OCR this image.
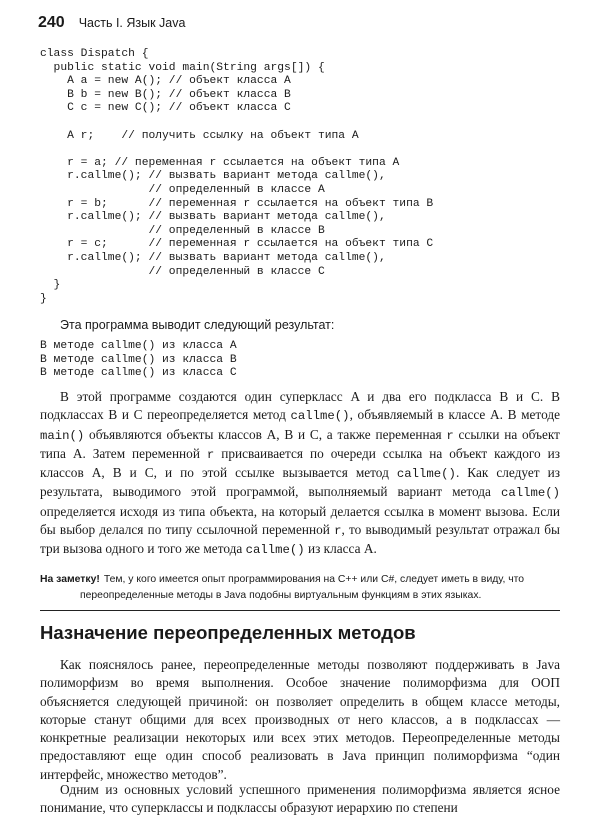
240 Часть I. Язык Java
class Dispatch {
public static void main(String args[]) {
A a = new A(); // объект класса A
B b = new B(); // объект класса B
C c = new C(); // объект класса C

A r;    // получить ссылку на объект типа A

r = a; // переменная r ссылается на объект типа A
r.callme(); // вызвать вариант метода callme(),
// определенный в классе A
r = b;      // переменная r ссылается на объект типа B
r.callme(); // вызвать вариант метода callme(),
// определенный в классе B
r = c;      // переменная r ссылается на объект типа C
r.callme(); // вызвать вариант метода callme(),
// определенный в классе C
}
}
Эта программа выводит следующий результат:
В методе callme() из класса A
В методе callme() из класса B
В методе callme() из класса C

В этой программе создаются один суперкласс A и два его подкласса B и C. В подклассах B и C переопределяется метод callme(), объявляемый в классе A. В методе main() объявляются объекты классов A, B и C, а также переменная r ссылки на объект типа A. Затем переменной r присваивается по очереди ссылка на объект каждого из классов A, B и C, и по этой ссылке вызывается метод callme(). Как следует из результата, выводимого этой программой, выполняемый вариант метода callme() определяется исходя из типа объекта, на который делается ссылка в момент вызова. Если бы выбор делался по типу ссылочной переменной r, то выводимый результат отражал бы три вызова одного и того же метода callme() из класса A.

На заметку! Тем, у кого имеется опыт программирования на C++ или C#, следует иметь в виду, что
переопределенные методы в Java подобны виртуальным функциям в этих языках.
Назначение переопределенных методов

Как пояснялось ранее, переопределенные методы позволяют поддерживать в Java полиморфизм во время выполнения. Особое значение полиморфизма для ООП объясняется следующей причиной: он позволяет определить в общем классе методы, которые станут общими для всех производных от него классов, а в подклассах — конкретные реализации некоторых или всех этих методов. Переопределенные методы предоставляют еще один способ реализовать в Java принцип полиморфизма “один интерфейс, множество методов”.

Одним из основных условий успешного применения полиморфизма является ясное понимание, что суперклассы и подклассы образуют иерархию по степени
